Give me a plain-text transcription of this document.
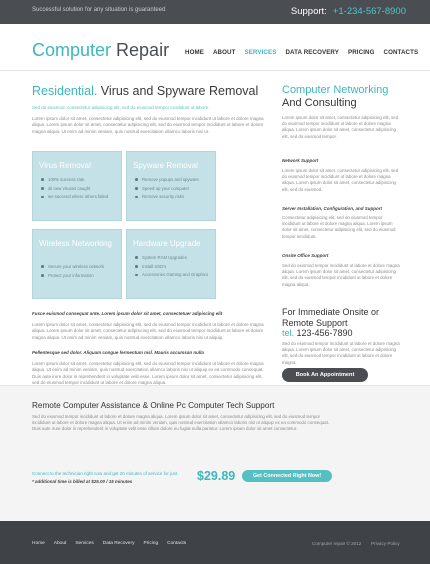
Successful solution for any situation is guaranteed	Support: +1-234-567-8900
Computer Repair	HOME ABOUT SERVICES DATA RECOVERY PRICING CONTACTS
Residential. Virus and Spyware Removal
Sed do eiusmod, consectetur adipisicing elit, sed do eiusmod tempor incididunt ut labore.
Lorem ipsum dolor sit amet, consectetur adipisicing elit, sed do eiusmod tempor incididunt ut labore et dolore magna aliqua. Lorem ipsum dolor sit amet, consectetur adipisicing elit, sed do eiusmod tempor incididunt ut labore et dolore magna aliqua. Ut enim ad minim veniam, quis nostrud exercitation ullamco laboris nisi ut.
Virus Removal
100% success rate
all new viruses caught
we succeed where others failed
Spyware Removal
Remove popups and spyware
Speed up your computer
Remove security risks
Wireless Networking
Secure your wireless network
Protect your information
Hardware Upgrade
System RAM Upgrades
Install SSD's
Accessories Gaming and Graphics
Fusce euismod consequat ante. Lorem ipsum dolor sit amet, consectetuer adipiscing elit
Lorem ipsum dolor sit amet, consectetur adipisicing elit, sed do eiusmod tempor incididunt ut labore et dolore magna aliqua. Lorem ipsum dolor sit amet, consectetur adipisicing elit, sed do eiusmod tempor incididunt ut labore et dolore magna aliqua. Ut enim ad minim veniam, quis nostrud exercitation ullamco laboris nisi ut aliquip.
Pellentesque sed dolor. Aliquam congue fermentum nisl. Mauris accumsan nulla
Lorem ipsum dolor sit amet, consectetur adipisicing elit, sed do eiusmod tempor incididunt ut labore et dolore magna aliqua. Ut enim ad minim veniam, quis nostrud exercitation ullamco laboris nisi ut aliquip ex ea commodo consequat. Duis aute irure dolor in reprehenderit in voluptate velit esse. Lorem ipsum dolor sit amet, consectetur adipisicing elit, sed do eiusmod tempor incididunt ut labore et dolore magna aliqua.
Computer Networking
And Consulting
Lorem ipsum dolor sit amet, consectetur adipisicing elit, sed do eiusmod tempor incididunt ut labore et dolore magna aliqua. Lorem ipsum dolor sit amet, consectetur adipisicing elit, sed do eiusmod tempor.
Network Support
Lorem ipsum dolor sit amet, consectetur adipisicing elit, sed do eiusmod tempor incididunt ut labore et dolore magna aliqua. Lorem ipsum dolor sit amet, consectetur adipisicing elit, sed do eiusmod.
Server Installation, Configuration, and Support
Consectetur adipisicing elit, sed do eiusmod tempor incididunt ut labore et dolore magna aliqua. Lorem ipsum dolor sit amet, consectetur adipisicing elit, sed do eiusmod tempor incididunt.
Onsite Office Support
Sed do eiusmod tempor incididunt ut labore et dolore magna aliqua. Lorem ipsum dolor sit amet, consectetur adipisicing elit, sed do eiusmod tempor incididunt ut labore et dolore magna aliqua.
For Immediate Onsite or Remote Support
tel. 123-456-7890
Sed do eiusmod tempor incididunt ut labore et dolore magna aliqua. Lorem ipsum dolor sit amet, consectetur adipisicing elit, sed do eiusmod tempor incididunt ut labore et dolore magna.
Book An Appointment
Remote Computer Assistance & Online Pc Computer Tech Support
Sed do eiusmod tempor incididunt ut labore et dolore magna aliqua. Lorem ipsum dolor sit amet, consectetur adipisicing elit, sed do eiusmod tempor incididunt ut labore et dolore magna aliqua. Ut enim ad minim veniam, quis nostrud exercitation ullamco laboris nisi ut aliquip ex ea commodo consequat. Duis aute irure dolor in reprehenderit in voluptate velit esse cillum dolore eu fugiat nulla pariatur. Lorem ipsum dolor sit amet consectetur.
Connect to the technician right now and get 20 minutes of service for just
* additional time is billed at $25.00 / 15 minutes	$29.89	Get Connected Right Now!
Home About Services Data Recovery Pricing Contacts	Computer repair © 2012 Privacy Policy
